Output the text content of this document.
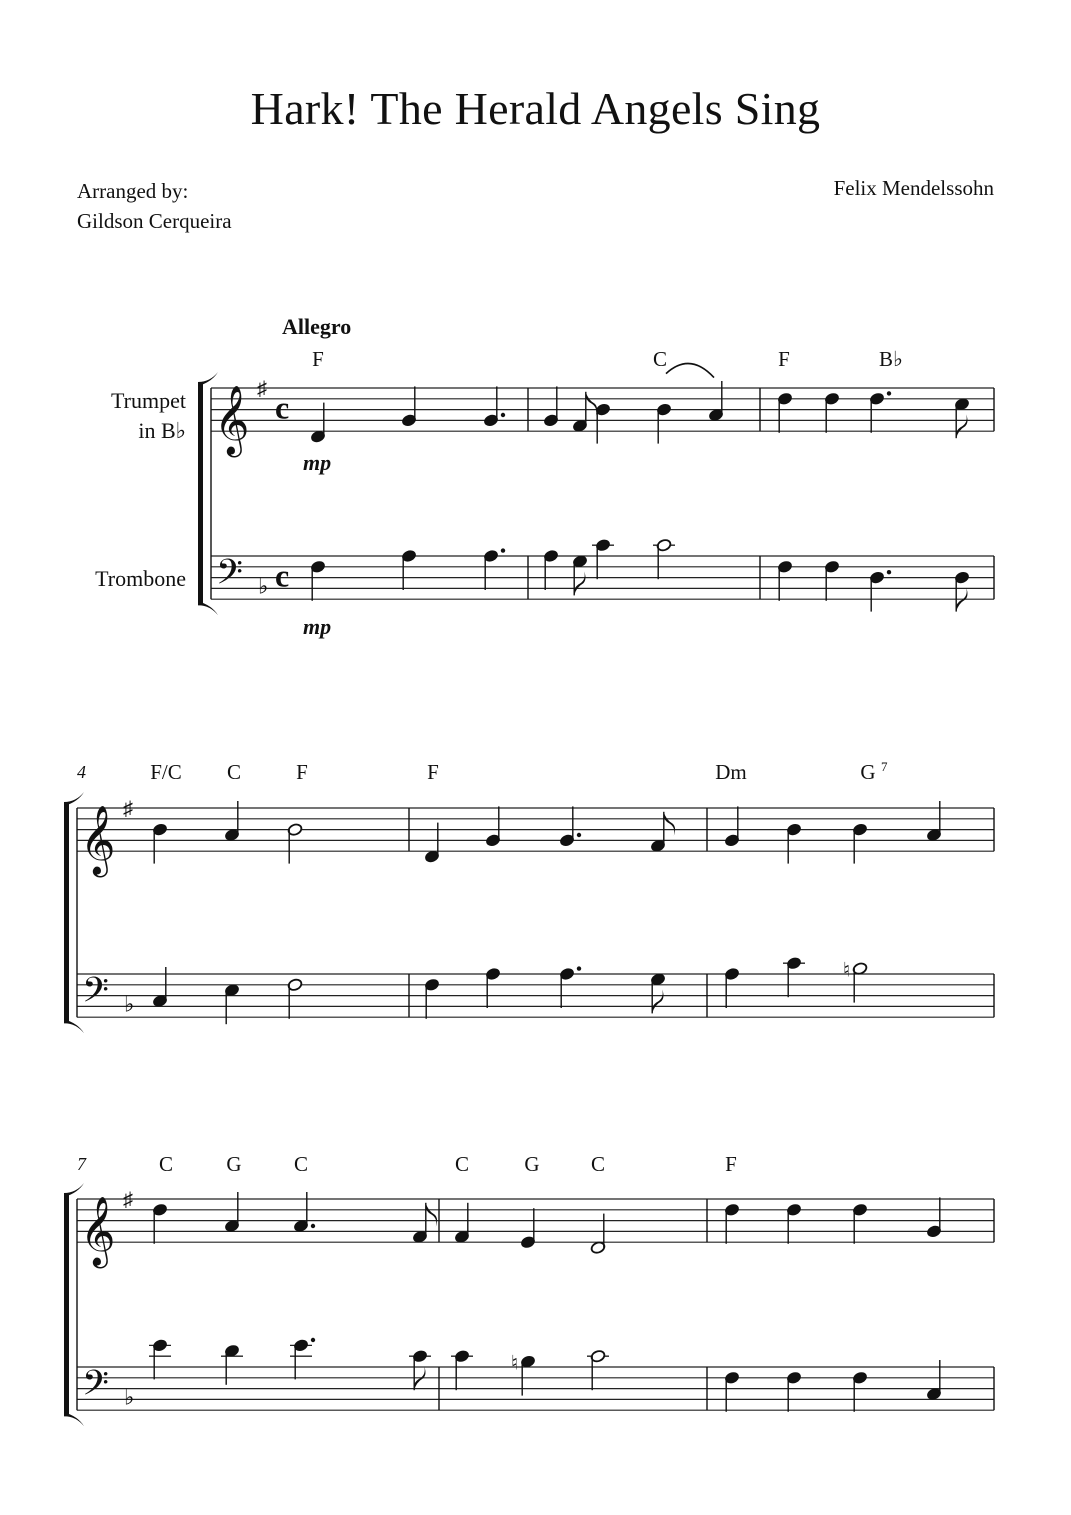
Hark! The Herald Angels Sing
Arranged by:
Gildson Cerqueira
Felix Mendelssohn
𝄞 ♯
𝄢 ♭
c
c
Trumpet
in B♭
Trombone
Allegro
mp
mp
F	C	F	B♭
𝄞 ♯
𝄢 ♭
4	F/C C	F	F	Dm	G 7
♮
𝄞 ♯
𝄢 ♭
7	C	G C	C	G C
♮
F
